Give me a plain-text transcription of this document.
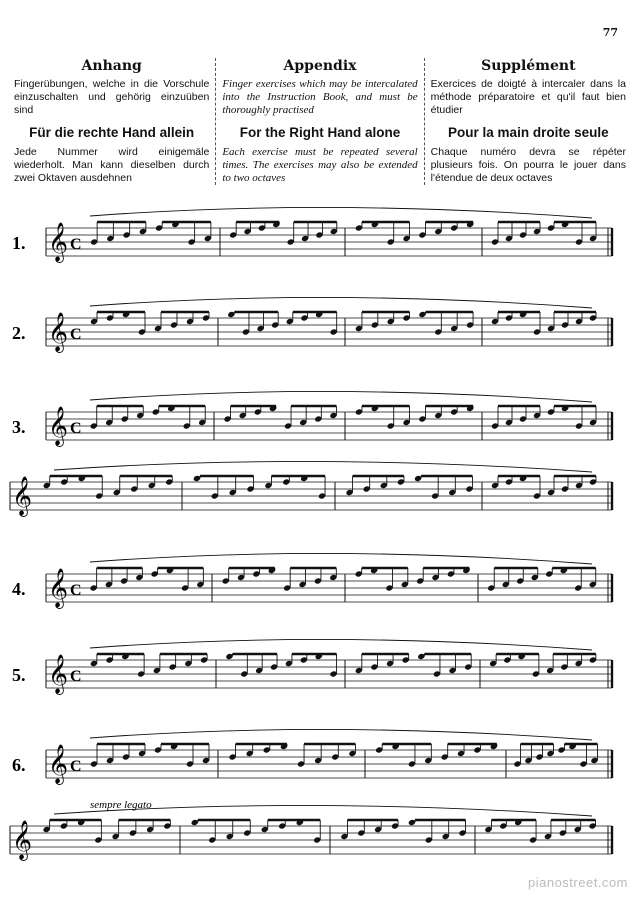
77
Anhang

Fingerübungen, welche in die Vorschule einzuschalten und gehörig einzuüben sind

Für die rechte Hand allein

Jede Nummer wird einigemäle wiederholt. Man kann dieselben durch zwei Oktaven ausdehnen

Appendix

Finger exercises which may be intercalated into the Instruction Book, and must be thoroughly practised

For the Right Hand alone

Each exercise must be repeated several times. The exercises may also be extended to two octaves

Supplément

Exercices de doigté à intercaler dans la méthode préparatoire et qu'il faut bien étudier

Pour la main droite seule

Chaque numéro devra se répéter plusieurs fois. On pourra le jouer dans l'étendue de deux octaves

𝄞
1.	C
𝄞
2.	C
𝄞
3.	C
𝄞
𝄞
4.	C
𝄞
5.	C
𝄞
6.	C
sempre legato
𝄞
pianostreet.com
